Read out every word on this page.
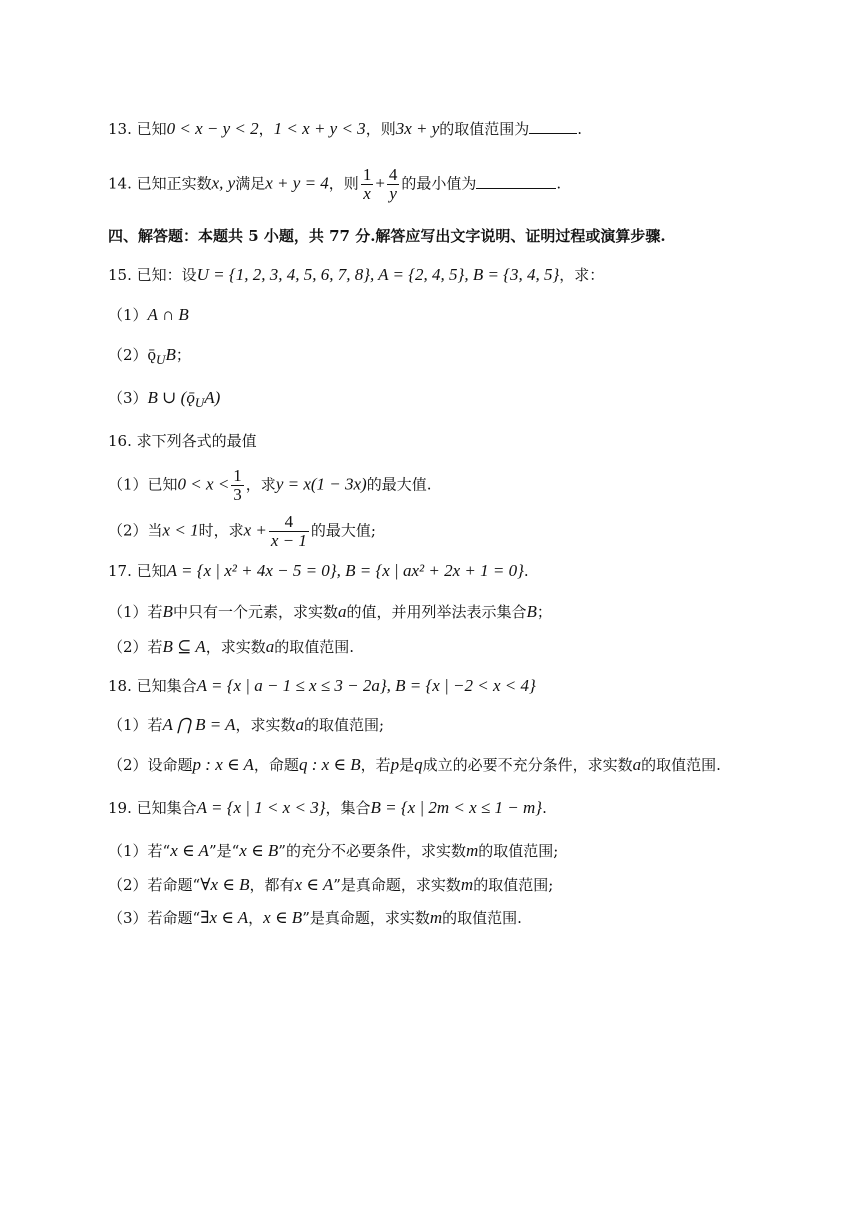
13. 已知0 < x − y < 2，1 < x + y < 3，则3x + y的取值范围为	.
14. 已知正实数x, y满足x + y = 4，则 $\frac{1}{x} + \frac{4}{y}$ 的最小值为	.
四、解答题：本题共 5 小题，共 77 分.解答应写出文字说明、证明过程或演算步骤.
15. 已知：设U = {1, 2, 3, 4, 5, 6, 7, 8}, A = {2, 4, 5}, B = {3, 4, 5}，求：
（1）A ∩ B
$(2)ǭ_UB$；
（3）B ∪ $(ǭ_UA)$
16. 求下列各式的最值
（1）已知$0 < x < \frac{1}{3}$ ，求y = x(1 − 3x)的最大值.
（2）当x < 1时，求$x + \frac{4}{x - 1}$ 的最大值;
17. 已知A = {x | x² + 4x − 5 = 0}, B = {x | ax² + 2x + 1 = 0}.
（1）若B中只有一个元素，求实数a的值，并用列举法表示集合B；
（2）若B ⊆ A，求实数a的取值范围.
18. 已知集合A = {x | a − 1 ≤ x ≤ 3 − 2a}, B = {x | −2 < x < 4}
（1）若A ⋂ B = A，求实数a的取值范围;
（2）设命题p : x ∈ A，命题q : x ∈ B，若p是q成立的必要不充分条件，求实数a的取值范围.
19. 已知集合A = {x | 1 < x < 3}，集合B = {x | 2m < x ≤ 1 − m}.
（1）若“x ∈ A”是“x ∈ B”的充分不必要条件，求实数m的取值范围;
（2）若命题“∀x ∈ B，都有x ∈ A”是真命题，求实数m的取值范围;
（3）若命题“∃x ∈ A，x ∈ B”是真命题，求实数m的取值范围.
